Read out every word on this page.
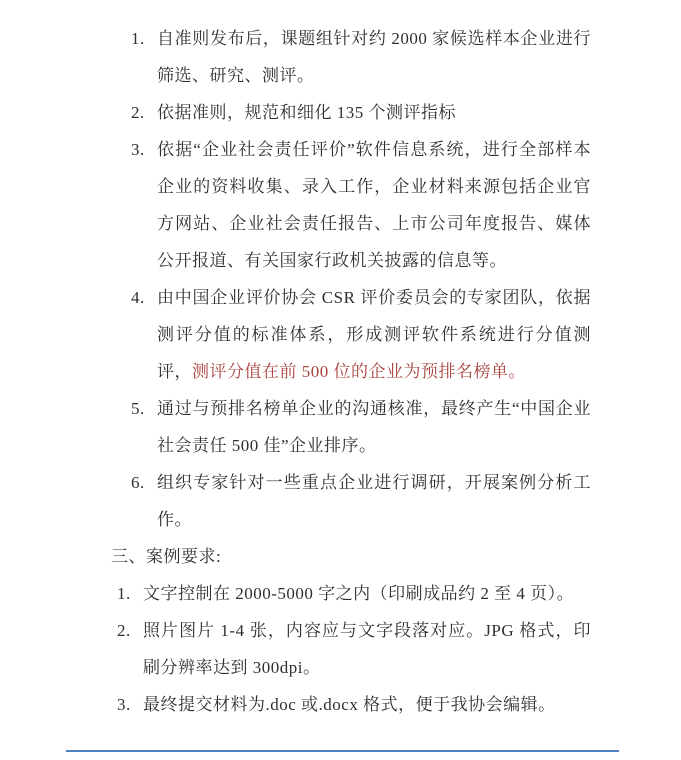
1. 自准则发布后，课题组针对约 2000 家候选样本企业进行筛选、研究、测评。
2. 依据准则，规范和细化 135 个测评指标
3. 依据“企业社会责任评价”软件信息系统，进行全部样本企业的资料收集、录入工作，企业材料来源包括企业官方网站、企业社会责任报告、上市公司年度报告、媒体公开报道、有关国家行政机关披露的信息等。
4. 由中国企业评价协会 CSR 评价委员会的专家团队，依据测评分值的标准体系，形成测评软件系统进行分值测评，测评分值在前 500 位的企业为预排名榜单。
5. 通过与预排名榜单企业的沟通核准，最终产生“中国企业社会责任 500 佳”企业排序。
6. 组织专家针对一些重点企业进行调研，开展案例分析工作。
三、案例要求:
1. 文字控制在 2000-5000 字之内（印刷成品约 2 至 4 页）。
2. 照片图片 1-4 张，内容应与文字段落对应。JPG 格式，印刷分辨率达到 300dpi。
3. 最终提交材料为.doc 或.docx 格式，便于我协会编辑。
